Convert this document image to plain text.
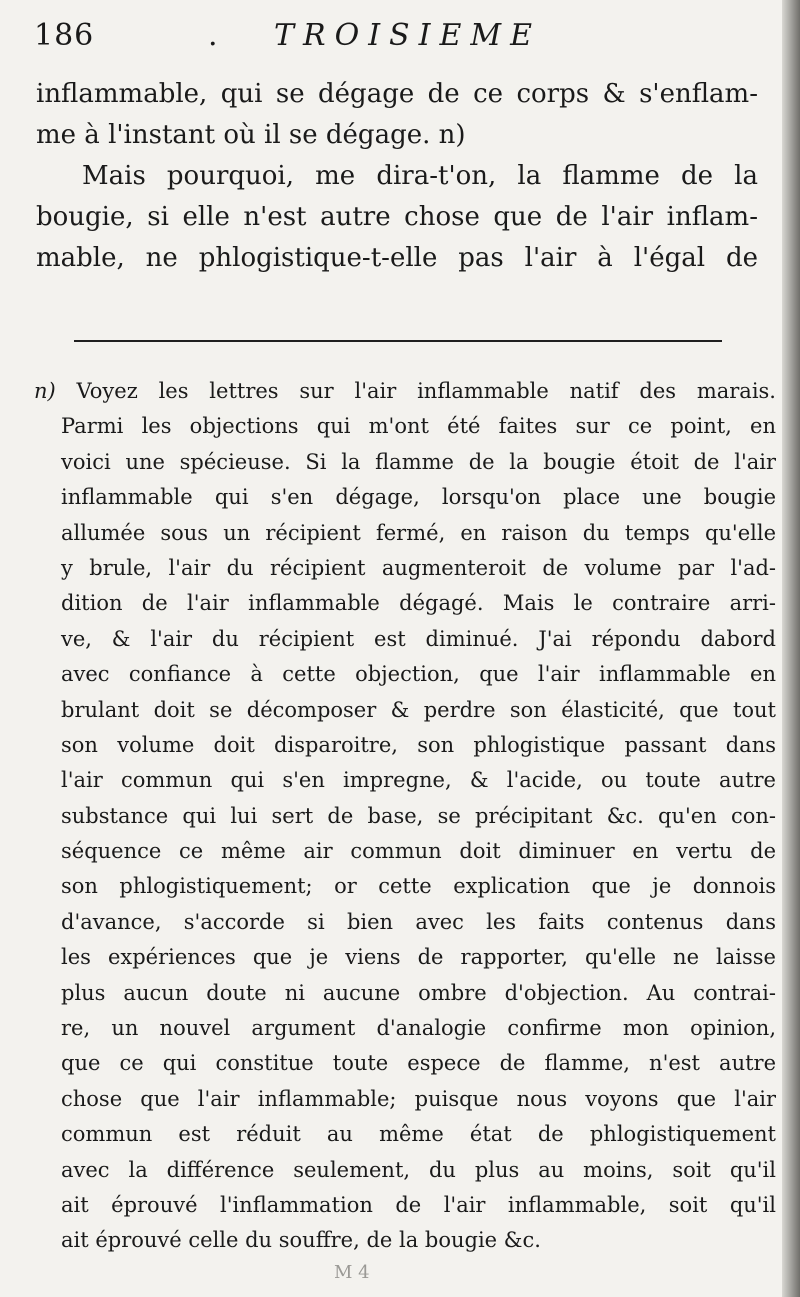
186	. TROISIEME
inflammable, qui se dégage de ce corps & s'enflam-
me à l'instant où il se dégage. n)
Mais pourquoi, me dira-t'on, la flamme de la
bougie, si elle n'est autre chose que de l'air inflam-
mable, ne phlogistique-t-elle pas l'air à l'égal de
n) Voyez les lettres sur l'air inflammable natif des marais.
Parmi les objections qui m'ont été faites sur ce point, en
voici une spécieuse. Si la flamme de la bougie étoit de l'air
inflammable qui s'en dégage, lorsqu'on place une bougie
allumée sous un récipient fermé, en raison du temps qu'elle
y brule, l'air du récipient augmenteroit de volume par l'ad-
dition de l'air inflammable dégagé. Mais le contraire arri-
ve, & l'air du récipient est diminué. J'ai répondu dabord
avec confiance à cette objection, que l'air inflammable en
brulant doit se décomposer & perdre son élasticité, que tout
son volume doit disparoitre, son phlogistique passant dans
l'air commun qui s'en impregne, & l'acide, ou toute autre
substance qui lui sert de base, se précipitant &c. qu'en con-
séquence ce même air commun doit diminuer en vertu de
son phlogistiquement; or cette explication que je donnois
d'avance, s'accorde si bien avec les faits contenus dans
les expériences que je viens de rapporter, qu'elle ne laisse
plus aucun doute ni aucune ombre d'objection. Au contrai-
re, un nouvel argument d'analogie confirme mon opinion,
que ce qui constitue toute espece de flamme, n'est autre
chose que l'air inflammable; puisque nous voyons que l'air
commun est réduit au même état de phlogistiquement
avec la différence seulement, du plus au moins, soit qu'il
ait éprouvé l'inflammation de l'air inflammable, soit qu'il
ait éprouvé celle du souffre, de la bougie &c.
M 4
